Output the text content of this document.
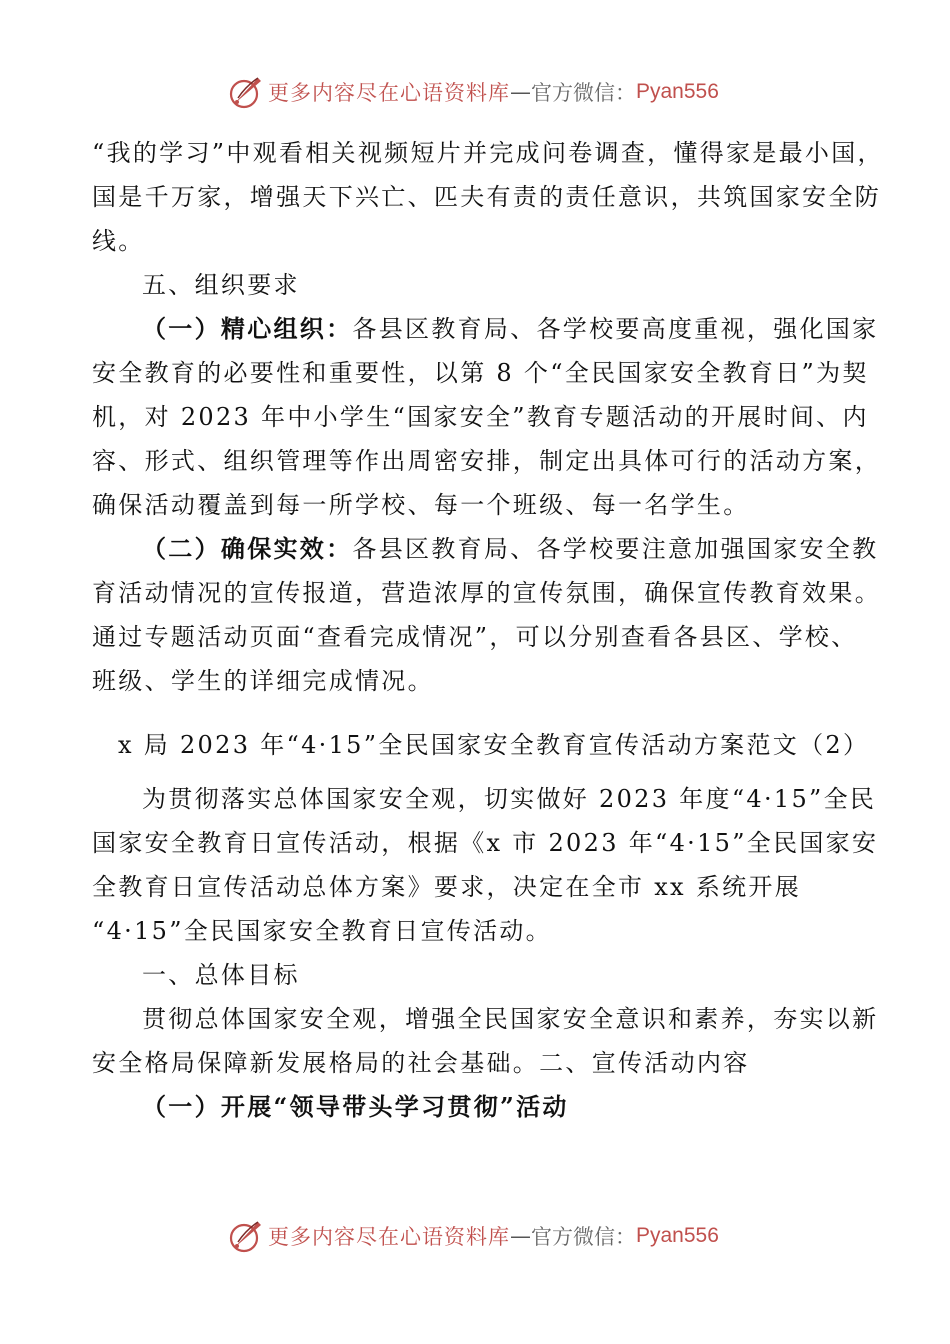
更多内容尽在心语资料库 — 官方微信： Pyan556
“我的学习”中观看相关视频短片并完成问卷调查，懂得家是最小国，
国是千万家，增强天下兴亡、匹夫有责的责任意识，共筑国家安全防
线。
五、组织要求
（一）精心组织：各县区教育局、各学校要高度重视，强化国家
安全教育的必要性和重要性，以第 8 个“全民国家安全教育日”为契
机，对 2023 年中小学生“国家安全”教育专题活动的开展时间、内
容、形式、组织管理等作出周密安排，制定出具体可行的活动方案，
确保活动覆盖到每一所学校、每一个班级、每一名学生。
（二）确保实效：各县区教育局、各学校要注意加强国家安全教
育活动情况的宣传报道，营造浓厚的宣传氛围，确保宣传教育效果。
通过专题活动页面“查看完成情况”，可以分别查看各县区、学校、
班级、学生的详细完成情况。
x 局 2023 年“4·15”全民国家安全教育宣传活动方案范文（2）
为贯彻落实总体国家安全观，切实做好 2023 年度“4·15”全民
国家安全教育日宣传活动，根据《x 市 2023 年“4·15”全民国家安
全教育日宣传活动总体方案》要求，决定在全市 xx 系统开展
“4·15”全民国家安全教育日宣传活动。
一、总体目标
贯彻总体国家安全观，增强全民国家安全意识和素养，夯实以新
安全格局保障新发展格局的社会基础。二、宣传活动内容
（一）开展“领导带头学习贯彻”活动
更多内容尽在心语资料库 — 官方微信： Pyan556
